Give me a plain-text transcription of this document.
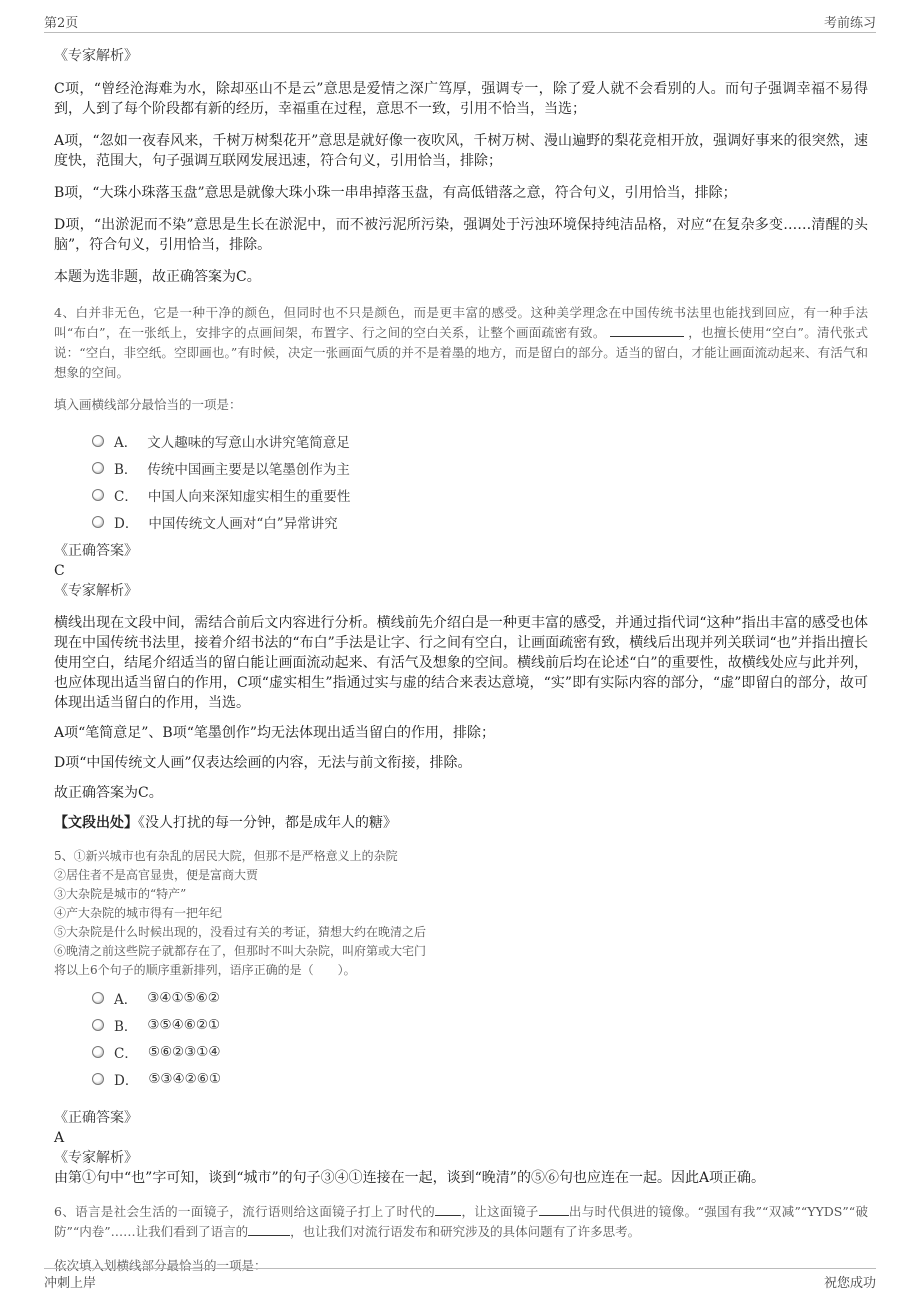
第2页	考前练习
《专家解析》
C项，“曾经沧海难为水，除却巫山不是云”意思是爱情之深广笃厚，强调专一，除了爱人就不会看别的人。而句子强调幸福不易得到，人到了每个阶段都有新的经历，幸福重在过程，意思不一致，引用不恰当，当选；
A项，“忽如一夜春风来，千树万树梨花开”意思是就好像一夜吹风，千树万树、漫山遍野的梨花竞相开放，强调好事来的很突然，速度快，范围大，句子强调互联网发展迅速，符合句义，引用恰当，排除；
B项，“大珠小珠落玉盘”意思是就像大珠小珠一串串掉落玉盘，有高低错落之意，符合句义，引用恰当，排除；
D项，“出淤泥而不染”意思是生长在淤泥中，而不被污泥所污染，强调处于污浊环境保持纯洁品格，对应“在复杂多变……清醒的头脑”，符合句义，引用恰当，排除。
本题为选非题，故正确答案为C。
4、白并非无色，它是一种干净的颜色，但同时也不只是颜色，而是更丰富的感受。这种美学理念在中国传统书法里也能找到回应，有一种手法叫“布白”，在一张纸上，安排字的点画间架，布置字、行之间的空白关系，让整个画面疏密有致。	，也擅长使用“空白”。清代张式说：“空白，非空纸。空即画也。”有时候，决定一张画面气质的并不是着墨的地方，而是留白的部分。适当的留白，才能让画面流动起来、有活气和想象的空间。
填入画横线部分最恰当的一项是：
A． 文人趣味的写意山水讲究笔简意足
B． 传统中国画主要是以笔墨创作为主
C． 中国人向来深知虚实相生的重要性
D． 中国传统文人画对“白”异常讲究
《正确答案》
C
《专家解析》
横线出现在文段中间，需结合前后文内容进行分析。横线前先介绍白是一种更丰富的感受，并通过指代词“这种”指出丰富的感受也体现在中国传统书法里，接着介绍书法的“布白”手法是让字、行之间有空白，让画面疏密有致，横线后出现并列关联词“也”并指出擅长使用空白，结尾介绍适当的留白能让画面流动起来、有活气及想象的空间。横线前后均在论述“白”的重要性，故横线处应与此并列，也应体现出适当留白的作用，C项“虚实相生”指通过实与虚的结合来表达意境，“实”即有实际内容的部分，“虚”即留白的部分，故可体现出适当留白的作用，当选。
A项“笔简意足”、B项“笔墨创作”均无法体现出适当留白的作用，排除；
D项“中国传统文人画”仅表达绘画的内容，无法与前文衔接，排除。
故正确答案为C。
【文段出处】《没人打扰的每一分钟，都是成年人的糖》
5、①新兴城市也有杂乱的居民大院，但那不是严格意义上的杂院
②居住者不是高官显贵，便是富商大贾
③大杂院是城市的“特产”
④产大杂院的城市得有一把年纪
⑤大杂院是什么时候出现的，没看过有关的考证，猜想大约在晚清之后
⑥晚清之前这些院子就都存在了，但那时不叫大杂院，叫府第或大宅门
将以上6个句子的顺序重新排列，语序正确的是（　　）。
A． ③④①⑤⑥②
B． ③⑤④⑥②①
C． ⑤⑥②③①④
D． ⑤③④②⑥①
《正确答案》
A
《专家解析》
由第①句中“也”字可知，谈到“城市”的句子③④①连接在一起，谈到“晚清”的⑤⑥句也应连在一起。因此A项正确。
6、语言是社会生活的一面镜子，流行语则给这面镜子打上了时代的 ，让这面镜子 出与时代俱进的镜像。“强国有我”“双减”“YYDS”“破防”“内卷”……让我们看到了语言的	，也让我们对流行语发布和研究涉及的具体问题有了许多思考。
依次填入划横线部分最恰当的一项是：
冲刺上岸	祝您成功
